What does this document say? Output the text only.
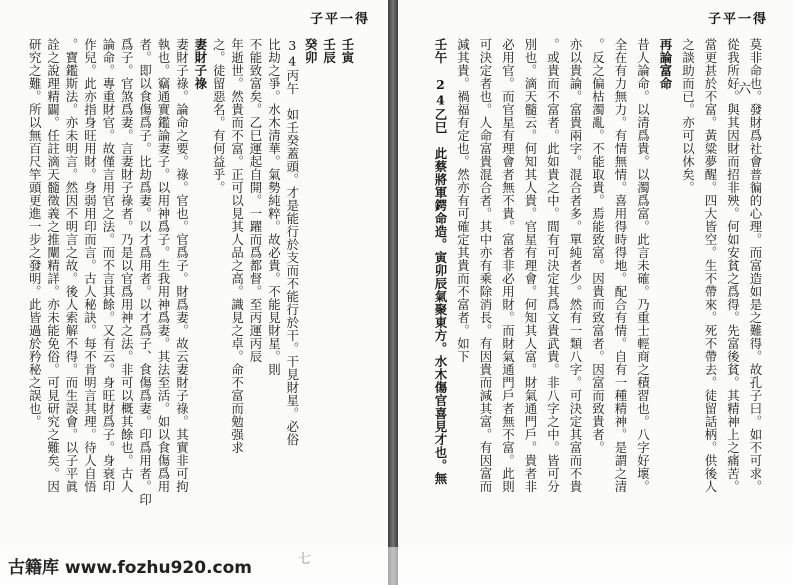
子平一得
壬寅
壬辰
癸卯
34丙午　如壬癸蓋頭。才是能行於支而不能行於干。干見財星。必俗
比劫之爭。水木清華。氣勢純粹。故必貴。不能見財星。則
不能致富矣。乙巳運起自開。一躍而爲都督。至丙運丙辰
年逝世。然貴而不富。正可以見其人品之高。識見之卓。命不富而勉强求
之。徒留惡名。有何益乎。
妻財子祿
妻財子祿。論命之要。祿。官也。官爲子。財爲妻。故云妻財子祿。其實非可拘
執也。竊通實鑑論妻子。以用神爲子。生我用神爲妻。其法至活。如以食傷爲用
者。即以食傷爲子。比劫爲妻。以才爲用者。以才爲子、食傷爲妻。印爲用者。印
爲子。官煞爲妻。言妻財子祿者。乃是以官爲用神之法。非可以概其餘也。古人
論命。專重財官。故僅言用官之法。而不言其餘。又有云。身旺財爲子。身衰印
作兒。此亦指身旺用財。身弱用印而言。古人秘訣。每不肯明言其理。待人自悟
。寶鑑斯法。亦未明言。然因不明言之故。後人索解不得。而生誤會。以子平眞
詮之說理精闢。任註滴天髓徵義之推闡精詳。亦未能免俗。可見研究之難矣。因
研究之難。所以無百尺竿頭更進一步之發明。此皆過於矜秘之誤也。
子平一得
六
莫非命也。發財爲社會普徧的心理。而富造如是之難得。故孔子曰。如不可求。
從我所好。與其因財而招非殃。何如安貧之爲得。先富後貧。其精神上之痛苦。
當更甚於不富。黃粱夢醒。四大皆空。生不帶來。死不帶去。徒留話柄。供後人
之談助而已。亦可以休矣。
再論富命
昔人論命。以清爲貴。以濁爲富。此言未確。乃重士輕商之積習也。八字好壞。
全在有力無力。有情無情。喜用得時得地。配合有情。自有一種精神。是謂之清
。反之偏枯濁亂。不能取貴。焉能致富。因貴而致富者。因富而致貴者。
亦以貴論。富貴兩字。混合者多。單純者少。然有一類八字。可決定其富而不貴
。或貴而不富者。此如貴之中。間有可決定其爲文貴武貴。非八字之中。皆可分
別也。滴天髓云。何知其人貴。官星有理會。何知其人富。財氣通門戶。貴者非
必用官。而官星有理會者無不貴。富者非必用財。而財氣通門戶者無不富。此則
可決定者也。人命富貴混合者。其中亦有乘除消長。有因貴而減其富。有因富而
減其貴。禍福有定也。然亦有可確定其貴而不富者。如下
壬午　24乙巳　此蔡將軍鍔命造。寅卯辰氣聚東方。水木傷官喜見才也。無
古籍库 www.fozhu920.com
